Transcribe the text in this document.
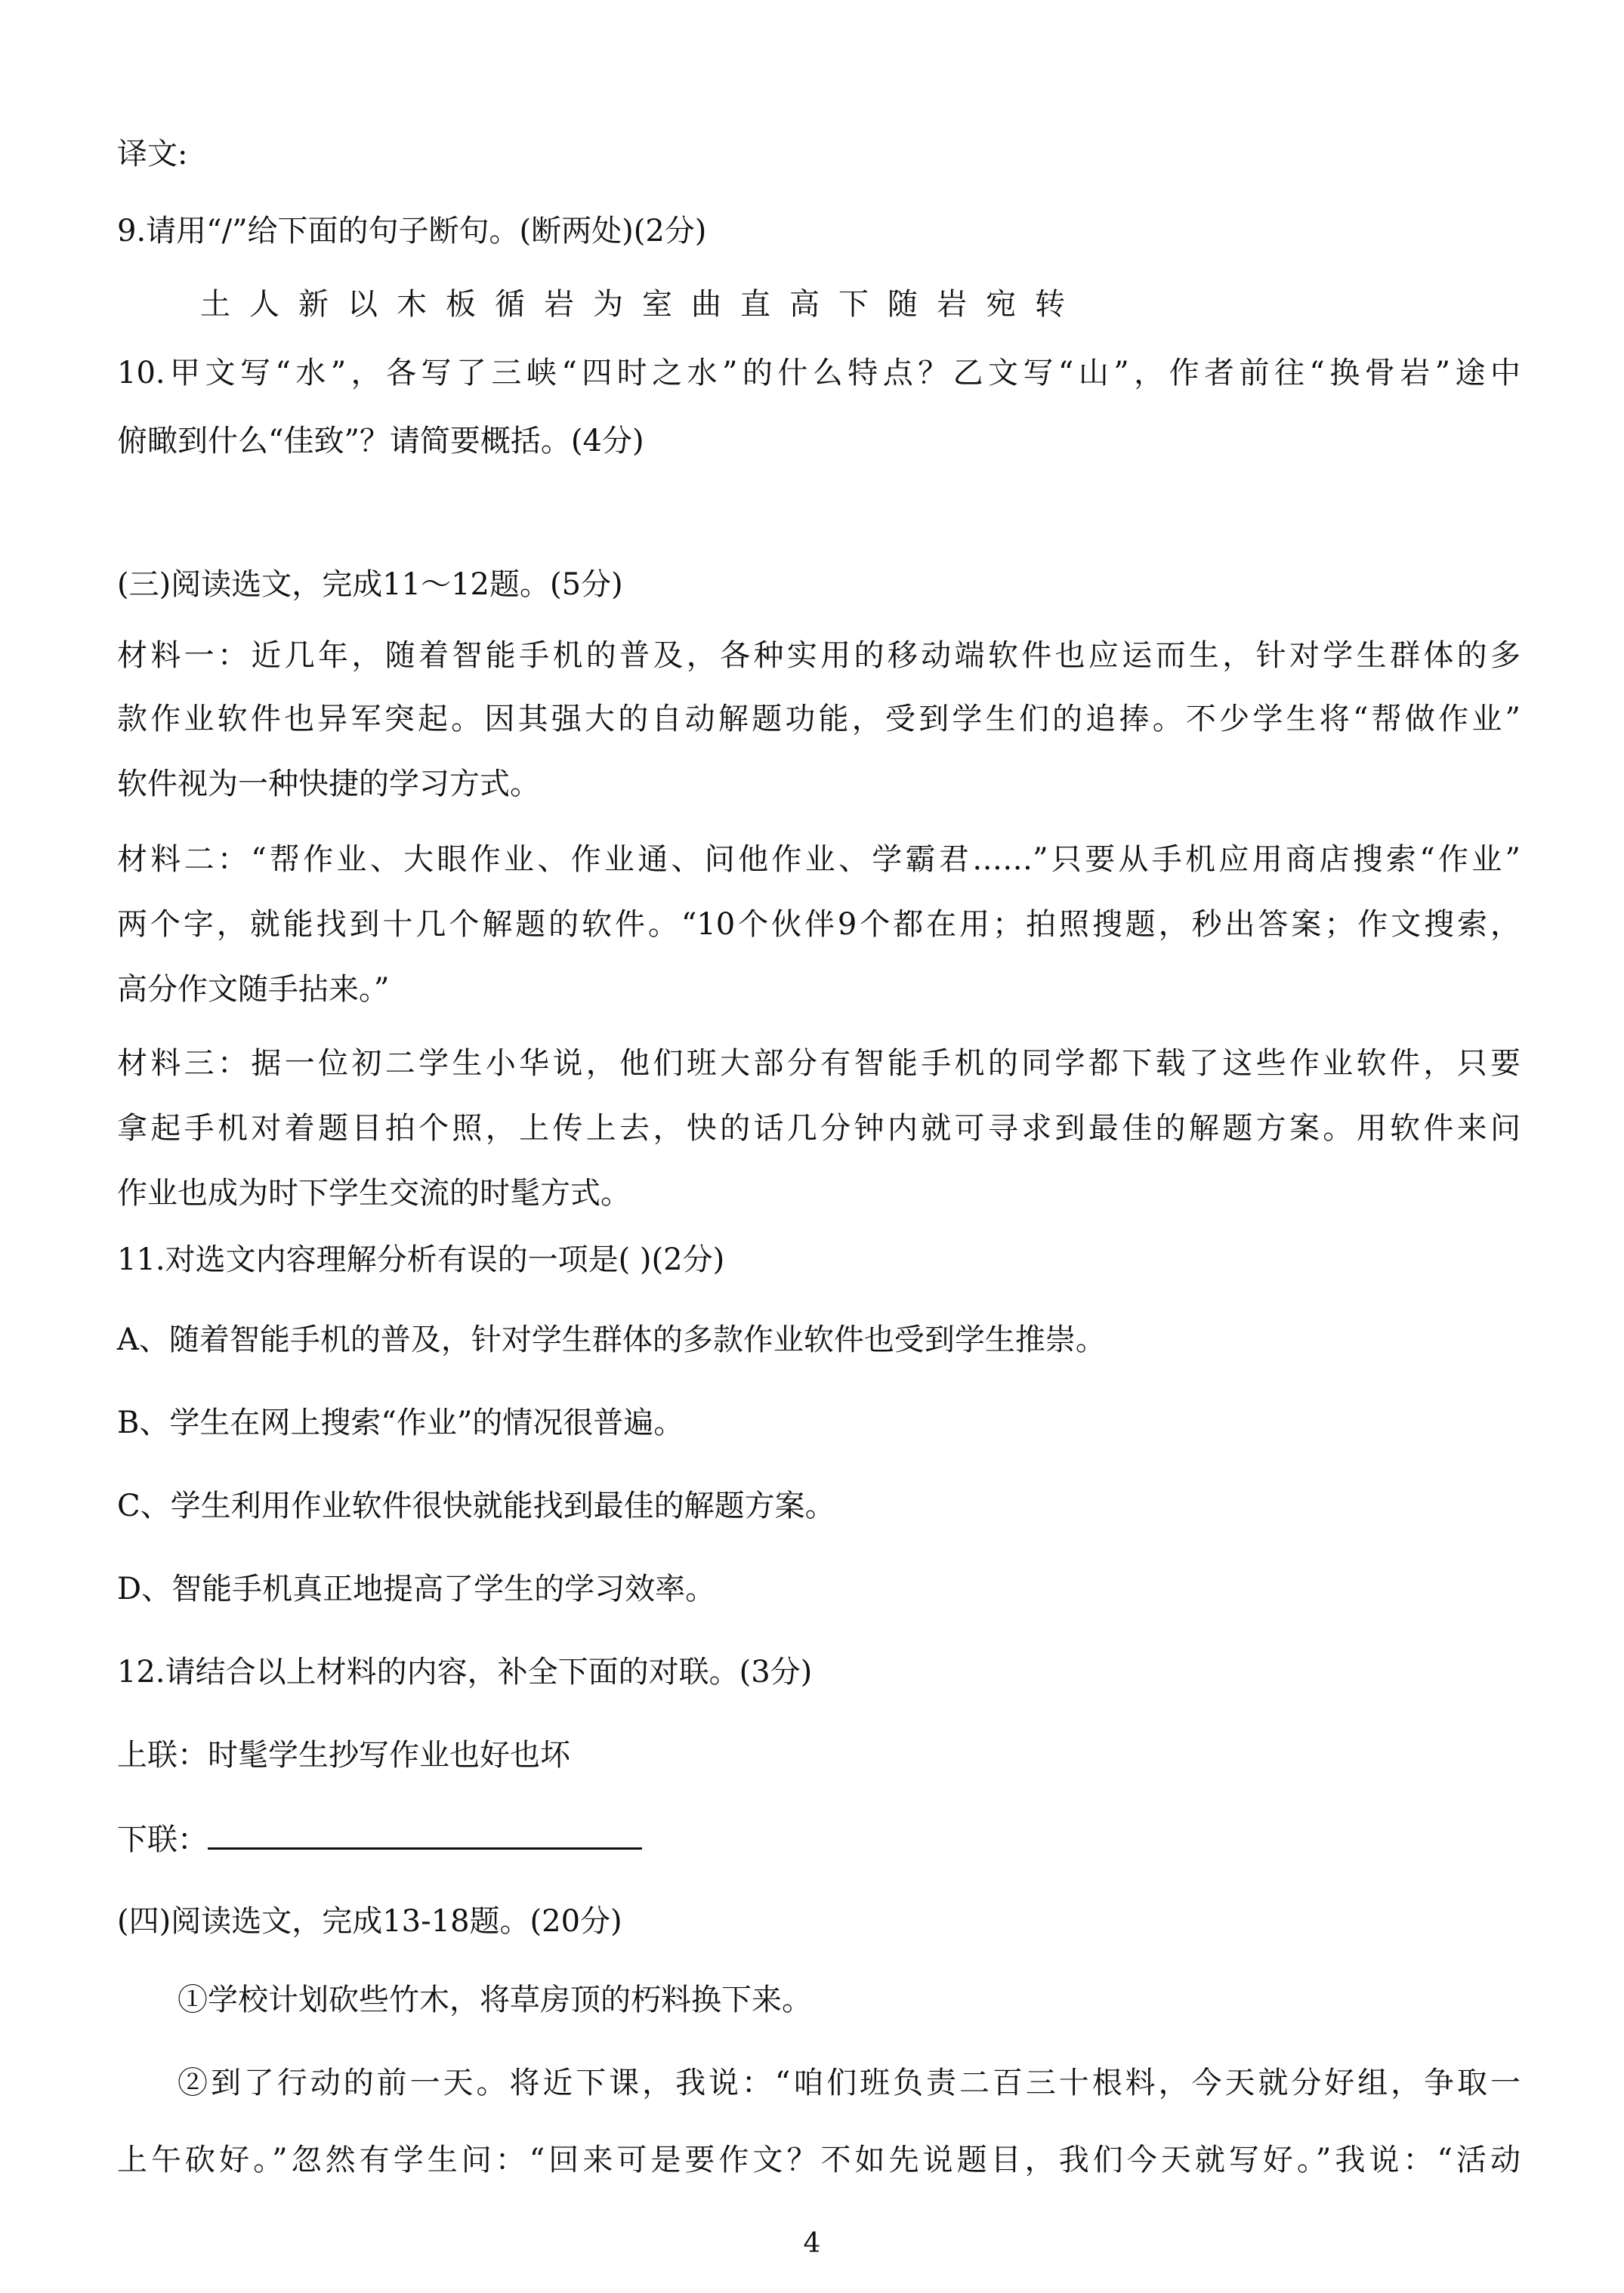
译文:
9.请用“/”给下面的句子断句。(断两处)(2分)
土人新以木板循岩为室曲直高下随岩宛转
10.甲文写“水”，各写了三峡“四时之水”的什么特点？乙文写“山”，作者前往“换骨岩”途中
俯瞰到什么“佳致”？请简要概括。(4分)
(三)阅读选文，完成11～12题。(5分)
材料一：近几年，随着智能手机的普及，各种实用的移动端软件也应运而生，针对学生群体的多
款作业软件也异军突起。因其强大的自动解题功能，受到学生们的追捧。不少学生将“帮做作业”
软件视为一种快捷的学习方式。
材料二：“帮作业、大眼作业、作业通、问他作业、学霸君……”只要从手机应用商店搜索“作业”
两个字，就能找到十几个解题的软件。“10个伙伴9个都在用；拍照搜题，秒出答案；作文搜索，
高分作文随手拈来。”
材料三：据一位初二学生小华说，他们班大部分有智能手机的同学都下载了这些作业软件，只要
拿起手机对着题目拍个照，上传上去，快的话几分钟内就可寻求到最佳的解题方案。用软件来问
作业也成为时下学生交流的时髦方式。
11.对选文内容理解分析有误的一项是( )(2分)
A、随着智能手机的普及，针对学生群体的多款作业软件也受到学生推崇。
B、学生在网上搜索“作业”的情况很普遍。
C、学生利用作业软件很快就能找到最佳的解题方案。
D、智能手机真正地提高了学生的学习效率。
12.请结合以上材料的内容，补全下面的对联。(3分)
上联：时髦学生抄写作业也好也坏
下联：
(四)阅读选文，完成13-18题。(20分)
①学校计划砍些竹木，将草房顶的朽料换下来。
②到了行动的前一天。将近下课，我说：“咱们班负责二百三十根料，今天就分好组，争取一
上午砍好。”忽然有学生问：“回来可是要作文？不如先说题目，我们今天就写好。”我说：“活动
4
